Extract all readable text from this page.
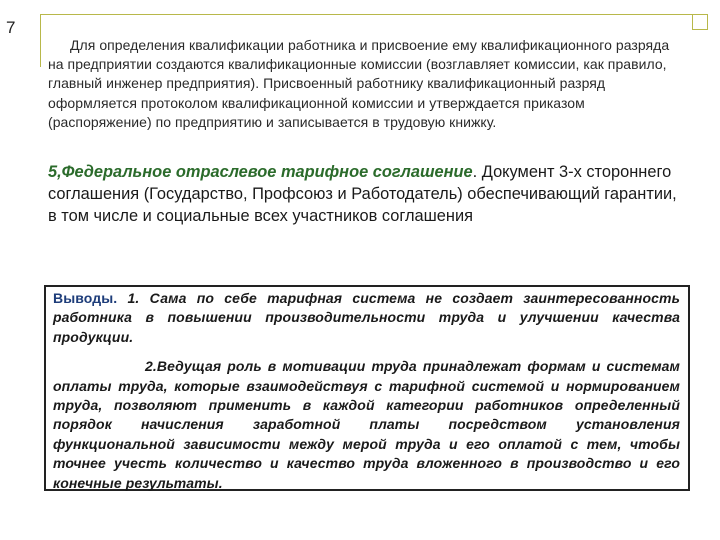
7
Для определения квалификации работника и присвоение ему квалификационного разряда на предприятии создаются квалификационные комиссии (возглавляет комиссии, как правило, главный инженер предприятия). Присвоенный работнику квалификационный разряд оформляется протоколом квалификационной комиссии и утверждается приказом (распоряжение) по предприятию и записывается в трудовую книжку.
5,Федеральное отраслевое тарифное соглашение. Документ 3-х стороннего соглашения (Государство, Профсоюз и Работодатель) обеспечивающий гарантии, в том числе и социальные всех участников соглашения

Выводы. 1. Сама по себе тарифная система не создает заинтересованность работника в повышении производительности труда и улучшении качества продукции.

2.Ведущая роль в мотивации труда принадлежат формам и системам оплаты труда, которые взаимодействуя с тарифной системой и нормированием труда, позволяют применить в каждой категории работников определенный порядок начисления заработной платы посредством установления функциональной зависимости между мерой труда и его оплатой с тем, чтобы точнее учесть количество и качество труда вложенного в производство и его конечные результаты.
